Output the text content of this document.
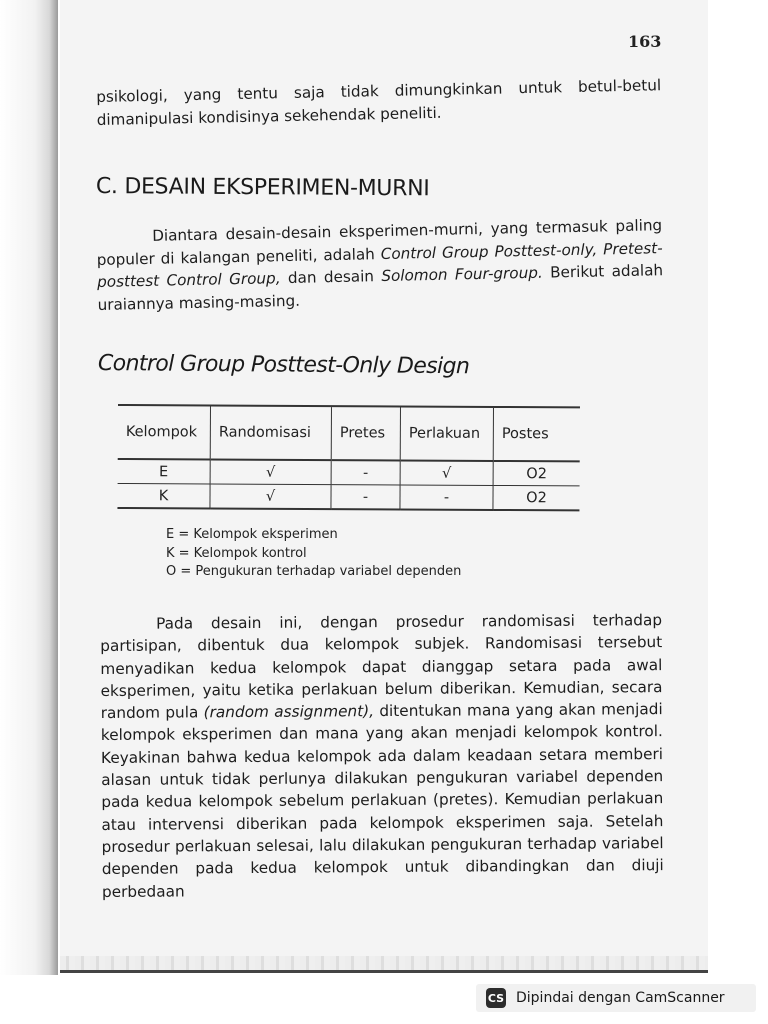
163
psikologi, yang tentu saja tidak dimungkinkan untuk betul-betul dimanipulasi kondisinya sekehendak peneliti.
C. DESAIN EKSPERIMEN-MURNI
Diantara desain-desain eksperimen-murni, yang termasuk paling populer di kalangan peneliti, adalah Control Group Posttest-only, Pretest-posttest Control Group, dan desain Solomon Four-group. Berikut adalah uraiannya masing-masing.
Control Group Posttest-Only Design
Kelompok	Randomisasi	Pretes	Perlakuan	Postes
E	√	-	√	O2
K	√	-	-	O2
E = Kelompok eksperimen
K = Kelompok kontrol
O = Pengukuran terhadap variabel dependen
Pada desain ini, dengan prosedur randomisasi terhadap partisipan, dibentuk dua kelompok subjek. Randomisasi tersebut menyadikan kedua kelompok dapat dianggap setara pada awal eksperimen, yaitu ketika perlakuan belum diberikan. Kemudian, secara random pula (random assignment), ditentukan mana yang akan menjadi kelompok eksperimen dan mana yang akan menjadi kelompok kontrol. Keyakinan bahwa kedua kelompok ada dalam keadaan setara memberi alasan untuk tidak perlunya dilakukan pengukuran variabel dependen pada kedua kelompok sebelum perlakuan (pretes). Kemudian perlakuan atau intervensi diberikan pada kelompok eksperimen saja. Setelah prosedur perlakuan selesai, lalu dilakukan pengukuran terhadap variabel dependen pada kedua kelompok untuk dibandingkan dan diuji perbedaan
CS Dipindai dengan CamScanner
